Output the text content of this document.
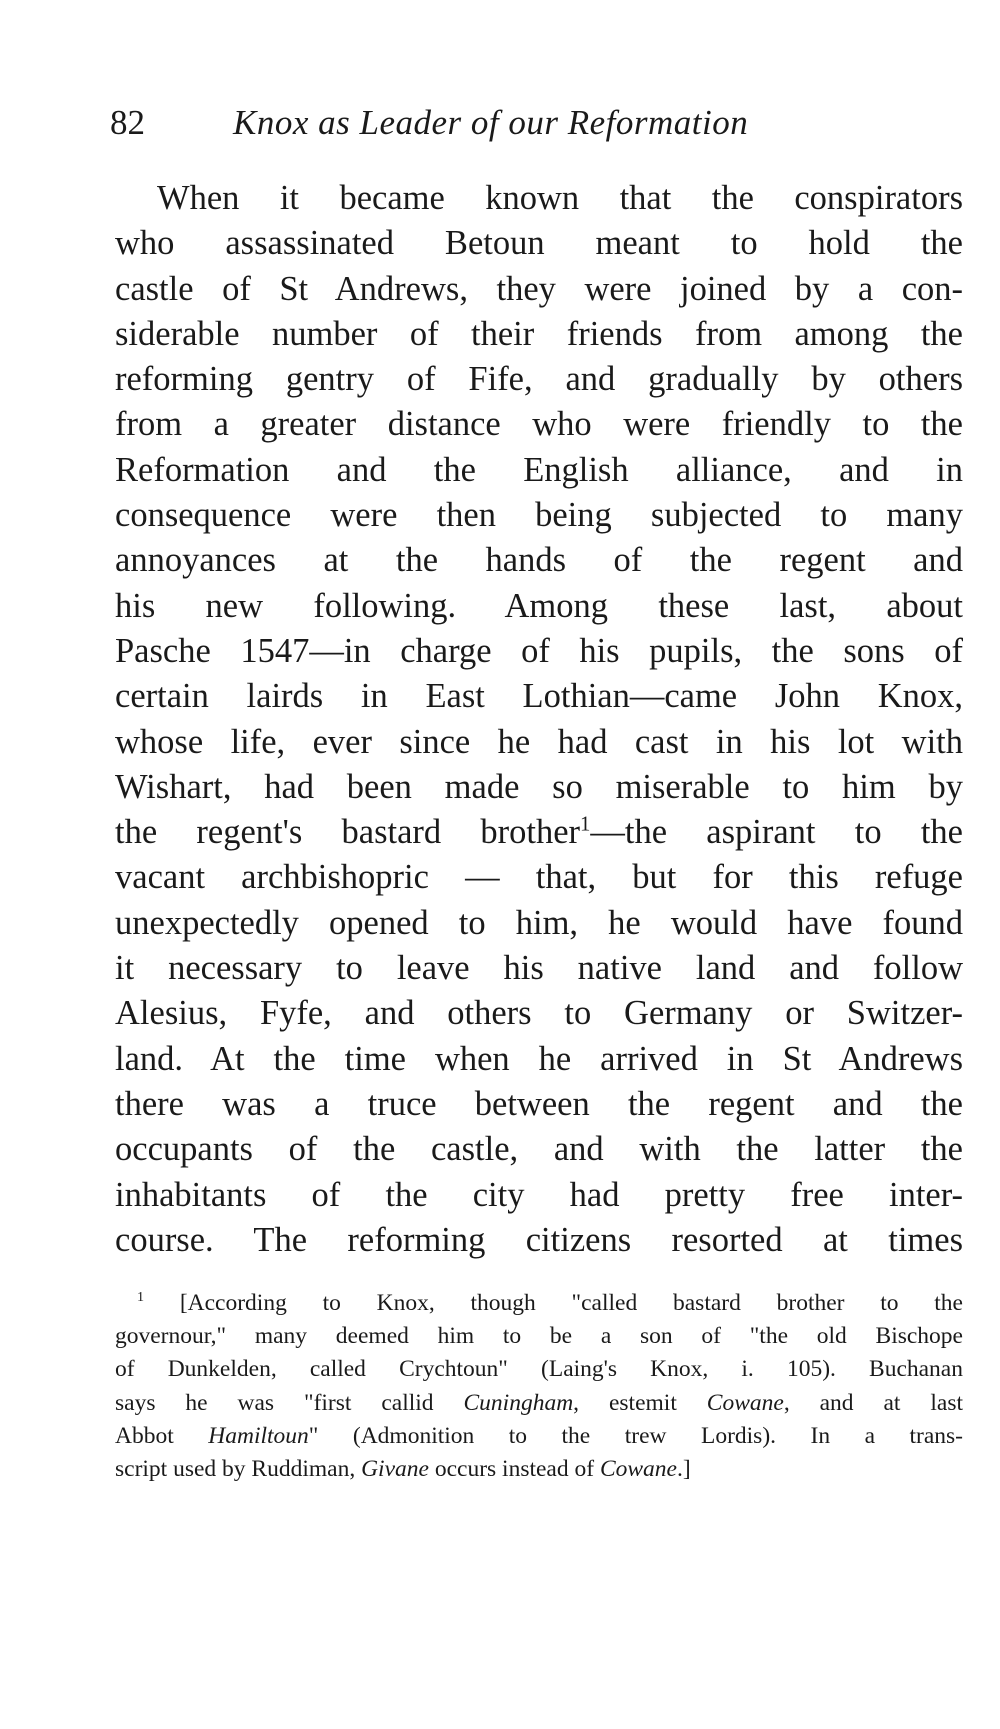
82	Knox as Leader of our Reformation
When it became known that the conspirators
who assassinated Betoun meant to hold the
castle of St Andrews, they were joined by a con-
siderable number of their friends from among the
reforming gentry of Fife, and gradually by others
from a greater distance who were friendly to the
Reformation and the English alliance, and in
consequence were then being subjected to many
annoyances at the hands of the regent and
his new following. Among these last, about
Pasche 1547—in charge of his pupils, the sons of
certain lairds in East Lothian—came John Knox,
whose life, ever since he had cast in his lot with
Wishart, had been made so miserable to him by
the regent's bastard brother$^1$—the aspirant to the
vacant archbishopric — that, but for this refuge
unexpectedly opened to him, he would have found
it necessary to leave his native land and follow
Alesius, Fyfe, and others to Germany or Switzer-
land. At the time when he arrived in St Andrews
there was a truce between the regent and the
occupants of the castle, and with the latter the
inhabitants of the city had pretty free inter-
course. The reforming citizens resorted at times
$^1$ [According to Knox, though "called bastard brother to the
governour," many deemed him to be a son of "the old Bischope
of Dunkelden, called Crychtoun" (Laing's Knox, i. 105). Buchanan
says he was "first callid Cuningham, estemit Cowane, and at last
Abbot Hamiltoun" (Admonition to the trew Lordis). In a trans-
script used by Ruddiman, Givane occurs instead of Cowane.]
